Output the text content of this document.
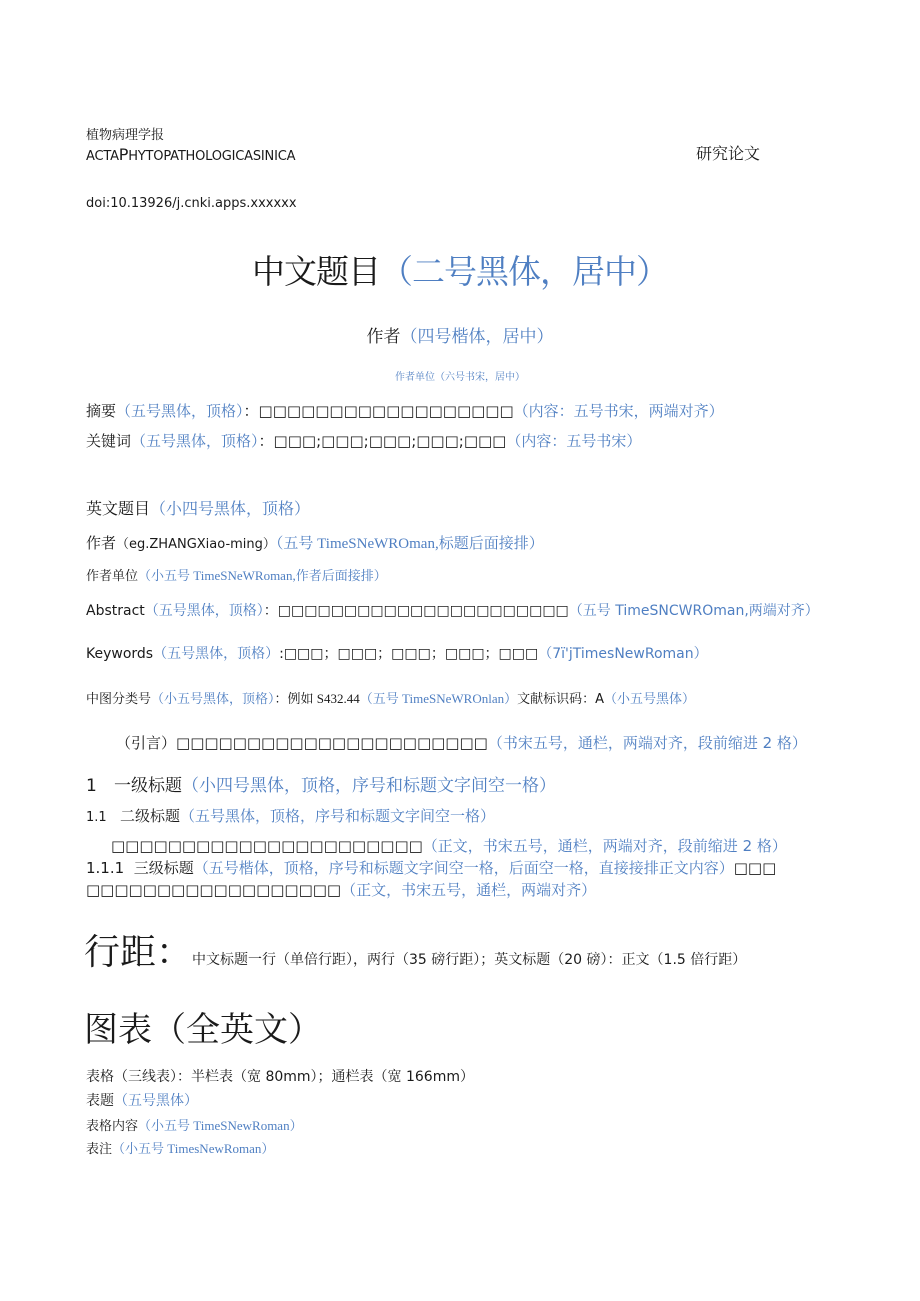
植物病理学报
ACTAPHYTOPATHOLOGICASINICA	研究论文
doi:10.13926/j.cnki.apps.xxxxxx
中文题目（二号黑体，居中）
作者（四号楷体，居中）
作者单位（六号书宋，居中）
摘要（五号黑体，顶格）：□□□□□□□□□□□□□□□□□□（内容：五号书宋，两端对齐）
关键词（五号黑体，顶格）：□□□;□□□;□□□;□□□;□□□（内容：五号书宋）
英文题目（小四号黑体，顶格）
作者（eg.ZHANGXiao-ming）（五号 TimeSNeWROman,标题后面接排）
作者单位（小五号 TimeSNeWRoman,作者后面接排）
Abstract（五号黑体，顶格）：□□□□□□□□□□□□□□□□□□□□□□（五号 TimeSNCWROman,两端对齐）
Keywords（五号黑体，顶格）:□□□；□□□；□□□；□□□；□□□（7ï'jTimesNewRoman）
中图分类号（小五号黑体，顶格）：例如 S432.44（五号 TimeSNeWROnlan）文献标识码：A（小五号黑体）
（引言）□□□□□□□□□□□□□□□□□□□□□□（书宋五号，通栏，两端对齐，段前缩进 2 格）
1 一级标题（小四号黑体，顶格，序号和标题文字间空一格）
1.1 二级标题（五号黑体，顶格，序号和标题文字间空一格）
□□□□□□□□□□□□□□□□□□□□□□（正文，书宋五号，通栏，两端对齐，段前缩进 2 格）
1.1.1 三级标题（五号楷体，顶格，序号和标题文字间空一格，后面空一格，直接接排正文内容）□□□
□□□□□□□□□□□□□□□□□□（正文，书宋五号，通栏，两端对齐）
行距：中文标题一行（单倍行距），两行（35 磅行距）；英文标题（20 磅）：正文（1.5 倍行距）
图表（全英文）
表格（三线表）：半栏表（宽 80mm）；通栏表（宽 166mm）
表题（五号黑体）
表格内容（小五号 TimeSNewRoman）
表注（小五号 TimesNewRoman）
